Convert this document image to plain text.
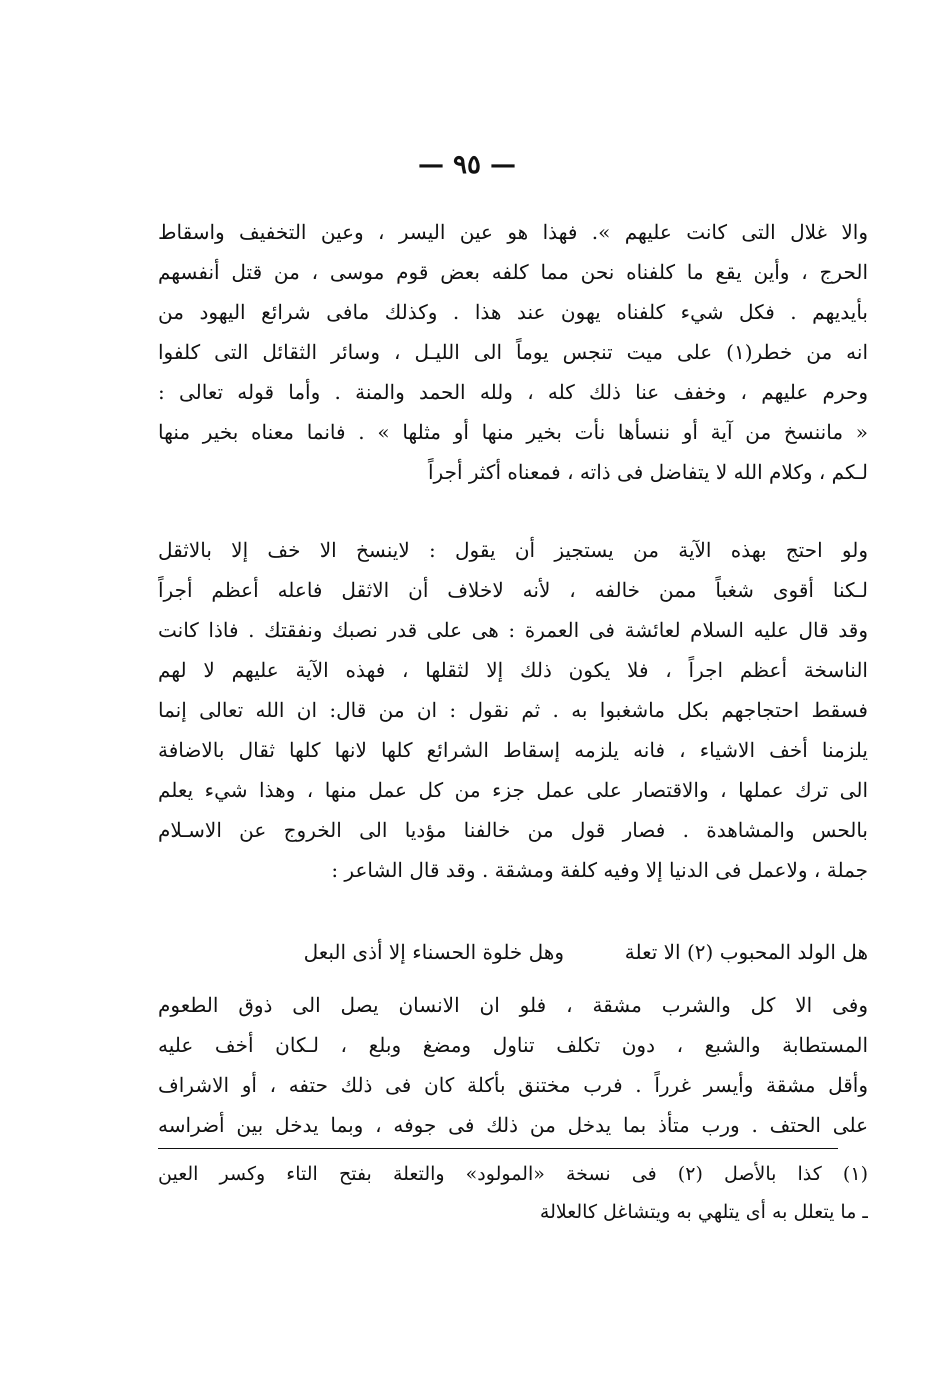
— ٩٥ —
والا غلال التى كانت عليهم ». فهذا هو عين اليسر ، وعين التخفيف واسقاط
الحرج ، وأين يقع ما كلفناه نحن مما كلفه بعض قوم موسى ، من قتل أنفسهم
بأيديهم . فكل شيء كلفناه يهون عند هذا . وكذلك مافى شرائع اليهود من
انه من خطر(١) على ميت تنجس يوماً الى الليـل ، وسائر الثقائل التى كلفوا
وحرم عليهم ، وخفف عنا ذلك كله ، ولله الحمد والمنة . وأما قوله تعالى :
« ماننسخ من آية أو ننسأها نأت بخير منها أو مثلها » . فانما معناه بخير منها
لـكم ، وكلام الله لا يتفاضل فى ذاته ، فمعناه أكثر أجراً
ولو احتج بهذه الآية من يستجيز أن يقول : لاينسخ الا خف إلا بالاثقل
لـكنا أقوى شغباً ممن خالفه ، لأنه لاخلاف أن الاثقل فاعله أعظم أجراً
وقد قال عليه السلام لعائشة فى العمرة : هى على قدر نصبك ونفقتك . فاذا كانت
الناسخة أعظم اجراً ، فلا يكون ذلك إلا لثقلها ، فهذه الآية عليهم لا لهم
فسقط احتجاجهم بكل ماشغبوا به . ثم نقول : ان من قال: ان الله تعالى إنما
يلزمنا أخف الاشياء ، فانه يلزمه إسقاط الشرائع كلها لانها كلها ثقال بالاضافة
الى ترك عملها ، والاقتصار على عمل جزء من كل عمل منها ، وهذا شيء يعلم
بالحس والمشاهدة . فصار قول من خالفنا مؤديا الى الخروج عن الاسـلام
جملة ، ولاعمل فى الدنيا إلا وفيه كلفة ومشقة . وقد قال الشاعر :
هل الولد المحبوب (٢) الا تعلة  وهل خلوة الحسناء إلا أذى البعل
وفى الا كل والشرب مشقة ، فلو ان الانسان يصل الى ذوق الطعوم
المستطابة والشبع ، دون تكلف تناول ومضغ وبلع ، لـكان أخف عليه
وأقل مشقة وأيسر غرراً . فرب مختنق بأكلة كان فى ذلك حتفه ، أو الاشراف
على الحتف . ورب متأذ بما يدخل من ذلك فى جوفه ، وبما يدخل بين أضراسه
(١) كذا بالأصل (٢) فى نسخة «المولود» والتعلة بفتح التاء وكسر العين
ـ ما يتعلل به أى يتلهي به ويتشاغل كالعلالة
